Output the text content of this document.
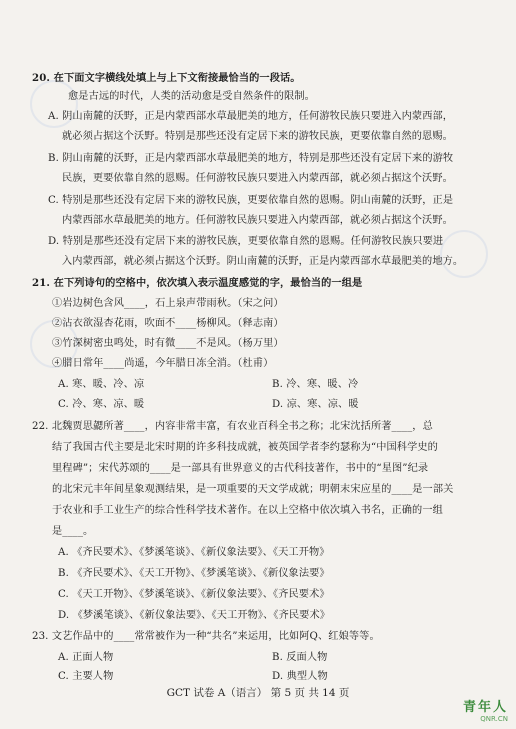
20. 在下面文字横线处填上与上下文衔接最恰当的一段话。
愈是古远的时代，人类的活动愈是受自然条件的限制。
A. 阴山南麓的沃野，正是内蒙西部水草最肥美的地方，任何游牧民族只要进入内蒙西部，
就必须占据这个沃野。特别是那些还没有定居下来的游牧民族，更要依靠自然的恩赐。
B. 阴山南麓的沃野，正是内蒙西部水草最肥美的地方，特别是那些还没有定居下来的游牧
民族，更要依靠自然的恩赐。任何游牧民族只要进入内蒙西部，就必须占据这个沃野。
C. 特别是那些还没有定居下来的游牧民族，更要依靠自然的恩赐。阴山南麓的沃野，正是
内蒙西部水草最肥美的地方。任何游牧民族只要进入内蒙西部，就必须占据这个沃野。
D. 特别是那些还没有定居下来的游牧民族，更要依靠自然的恩赐。任何游牧民族只要进
入内蒙西部，就必须占据这个沃野。阴山南麓的沃野，正是内蒙西部水草最肥美的地方。
21. 在下列诗句的空格中，依次填入表示温度感觉的字，最恰当的一组是
①岩边树色含风____，石上泉声带雨秋。（宋之问）
②沾衣欲湿杏花雨，吹面不____杨柳风。（释志南）
③竹深树密虫鸣处，时有微____不是风。（杨万里）
④腊日常年____尚遥，今年腊日冻全消。（杜甫）
A. 寒、暖、冷、凉	B. 冷、寒、暖、冷
C. 冷、寒、凉、暖	D. 凉、寒、凉、暖
22. 北魏贾思勰所著____，内容非常丰富，有农业百科全书之称；北宋沈括所著____，总
结了我国古代主要是北宋时期的许多科技成就，被英国学者李约瑟称为“中国科学史的
里程碑”；宋代苏颂的____是一部具有世界意义的古代科技著作，书中的“星图”纪录
的北宋元丰年间星象观测结果，是一项重要的天文学成就；明朝末宋应星的____是一部关
于农业和手工业生产的综合性科学技术著作。在以上空格中依次填入书名，正确的一组
是____。
A. 《齐民要术》、《梦溪笔谈》、《新仪象法要》、《天工开物》
B. 《齐民要术》、《天工开物》、《梦溪笔谈》、《新仪象法要》
C. 《天工开物》、《梦溪笔谈》、《新仪象法要》、《齐民要术》
D. 《梦溪笔谈》、《新仪象法要》、《天工开物》、《齐民要术》
23. 文艺作品中的____常常被作为一种“共名”来运用，比如阿Q、红娘等等。
A. 正面人物	B. 反面人物
C. 主要人物	D. 典型人物
GCT 试卷 A（语言） 第 5 页 共 14 页
青年人
QNR.CN
